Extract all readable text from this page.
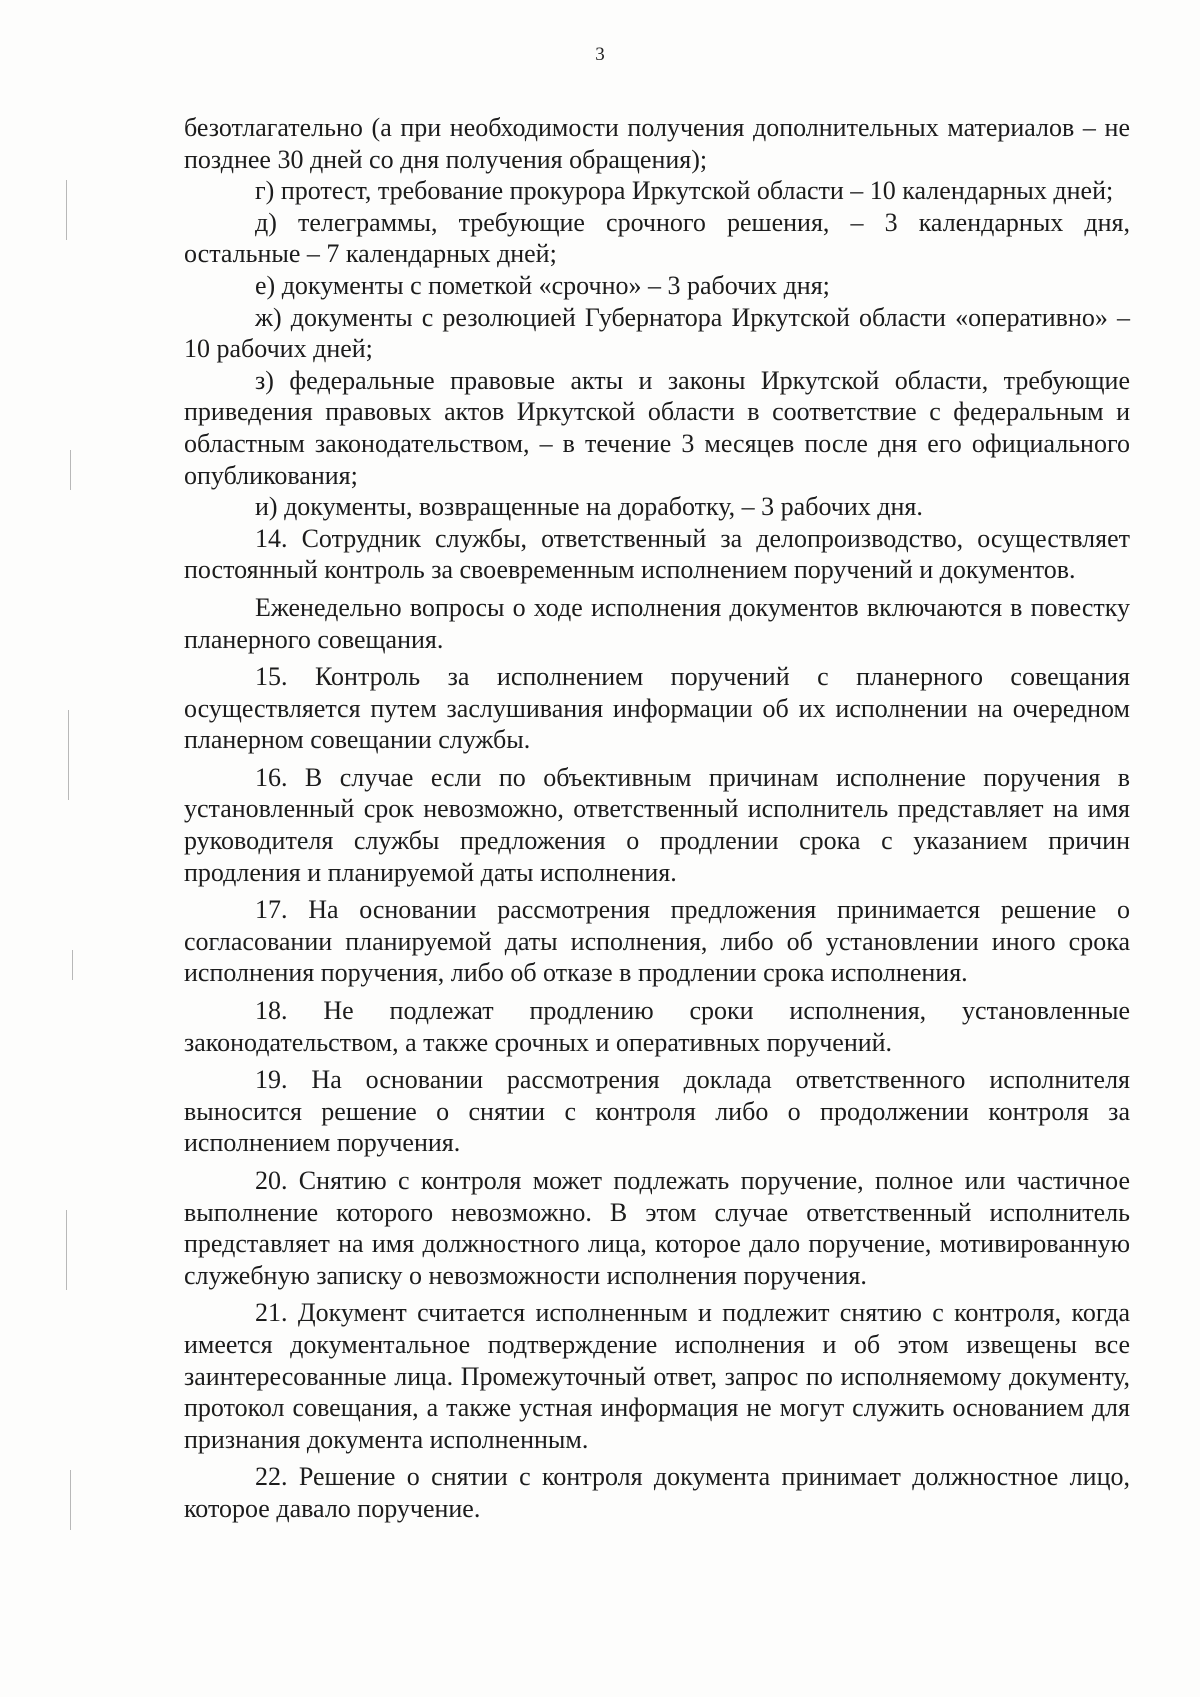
3

безотлагательно (а при необходимости получения дополнительных материалов – не позднее 30 дней со дня получения обращения);

г) протест, требование прокурора Иркутской области – 10 календарных дней;

д) телеграммы, требующие срочного решения, – 3 календарных дня, остальные – 7 календарных дней;

е) документы с пометкой «срочно» – 3 рабочих дня;

ж) документы с резолюцией Губернатора Иркутской области «оперативно» – 10 рабочих дней;

з) федеральные правовые акты и законы Иркутской области, требующие приведения правовых актов Иркутской области в соответствие с федеральным и областным законодательством, – в течение 3 месяцев после дня его официального опубликования;

и) документы, возвращенные на доработку, – 3 рабочих дня.

14. Сотрудник службы, ответственный за делопроизводство, осуществляет постоянный контроль за своевременным исполнением поручений и документов.

Еженедельно вопросы о ходе исполнения документов включаются в повестку планерного совещания.

15. Контроль за исполнением поручений с планерного совещания осуществляется путем заслушивания информации об их исполнении на очередном планерном совещании службы.

16. В случае если по объективным причинам исполнение поручения в установленный срок невозможно, ответственный исполнитель представляет на имя руководителя службы предложения о продлении срока с указанием причин продления и планируемой даты исполнения.

17. На основании рассмотрения предложения принимается решение о согласовании планируемой даты исполнения, либо об установлении иного срока исполнения поручения, либо об отказе в продлении срока исполнения.

18. Не подлежат продлению сроки исполнения, установленные законодательством, а также срочных и оперативных поручений.

19. На основании рассмотрения доклада ответственного исполнителя выносится решение о снятии с контроля либо о продолжении контроля за исполнением поручения.

20. Снятию с контроля может подлежать поручение, полное или частичное выполнение которого невозможно. В этом случае ответственный исполнитель представляет на имя должностного лица, которое дало поручение, мотивированную служебную записку о невозможности исполнения поручения.

21. Документ считается исполненным и подлежит снятию с контроля, когда имеется документальное подтверждение исполнения и об этом извещены все заинтересованные лица. Промежуточный ответ, запрос по исполняемому документу, протокол совещания, а также устная информация не могут служить основанием для признания документа исполненным.

22. Решение о снятии с контроля документа принимает должностное лицо, которое давало поручение.
